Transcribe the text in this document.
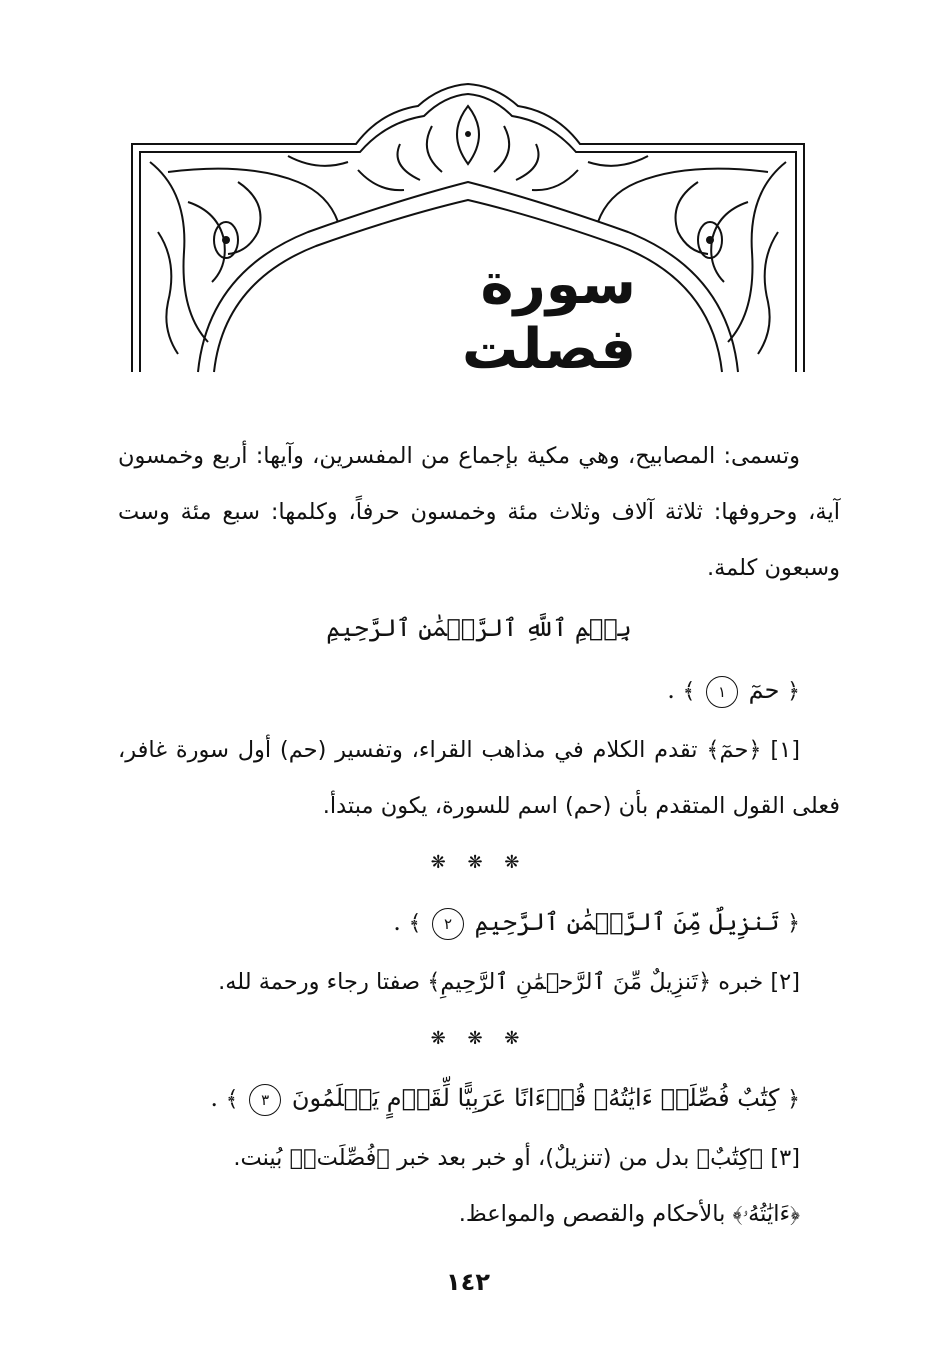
سورة فصلت

وتسمى: المصابيح، وهي مكية بإجماع من المفسرين، وآيها: أربع وخمسون آية، وحروفها: ثلاثة آلاف وثلاث مئة وخمسون حرفاً، وكلمها: سبع مئة وست وسبعون كلمة.

بِسۡمِ ٱللَّهِ ٱلرَّحۡمَٰنِ ٱلرَّحِيمِ

﴿ حمٓ ١ ﴾ .

[١] ﴿حمٓ﴾ تقدم الكلام في مذاهب القراء، وتفسير (حم) أول سورة غافر، فعلى القول المتقدم بأن (حم) اسم للسورة، يكون مبتدأ.

❋ ❋ ❋

﴿ تَنزِيلٌ مِّنَ ٱلرَّحۡمَٰنِ ٱلرَّحِيمِ ٢ ﴾ .

[٢] خبره ﴿تَنزِيلٌ مِّنَ ٱلرَّحۡمَٰنِ ٱلرَّحِيمِ﴾ صفتا رجاء ورحمة لله.

❋ ❋ ❋

﴿ كِتَٰبٌ فُصِّلَتۡ ءَايَٰتُهُۥ قُرۡءَانًا عَرَبِيًّا لِّقَوۡمٍ يَعۡلَمُونَ ٣ ﴾ .

[٣] ﴿كِتَٰبٌ﴾ بدل من (تنزيلٌ)، أو خبر بعد خبر ﴿فُصِّلَتۡ﴾ بُينت.

﴿ءَايَٰتُهُۥ﴾ بالأحكام والقصص والمواعظ.

١٤٢
